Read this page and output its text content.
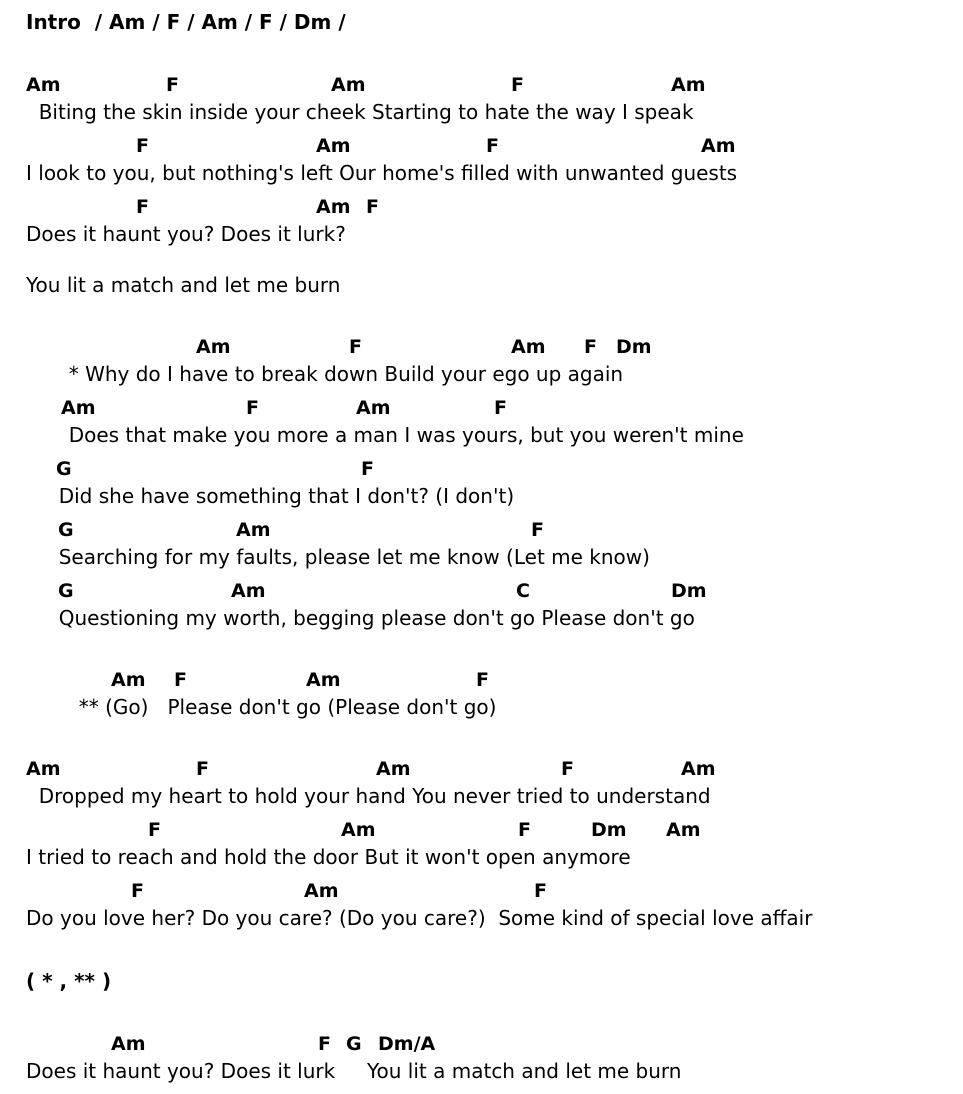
Intro  / Am / F / Am / F / Dm /
Am	F	Am	F	Am
Biting the skin inside your cheek Starting to hate the way I speak
F	Am	F	Am
I look to you, but nothing's left Our home's filled with unwanted guests
F	Am F
Does it haunt you? Does it lurk?
You lit a match and let me burn
Am	F	Am F Dm
* Why do I have to break down Build your ego up again
Am	F	Am	F
Does that make you more a man I was yours, but you weren't mine
G	F
Did she have something that I don't? (I don't)
G	Am	F
Searching for my faults, please let me know (Let me know)
G	Am	C	Dm
Questioning my worth, begging please don't go Please don't go
Am F	Am	F
** (Go)   Please don't go (Please don't go)
Am	F	Am	F	Am
Dropped my heart to hold your hand You never tried to understand
F	Am	F	Dm Am
I tried to reach and hold the door But it won't open anymore
F	Am	F
Do you love her? Do you care? (Do you care?)  Some kind of special love affair
( * , ** )
Am	F G Dm/A
Does it haunt you? Does it lurk     You lit a match and let me burn
